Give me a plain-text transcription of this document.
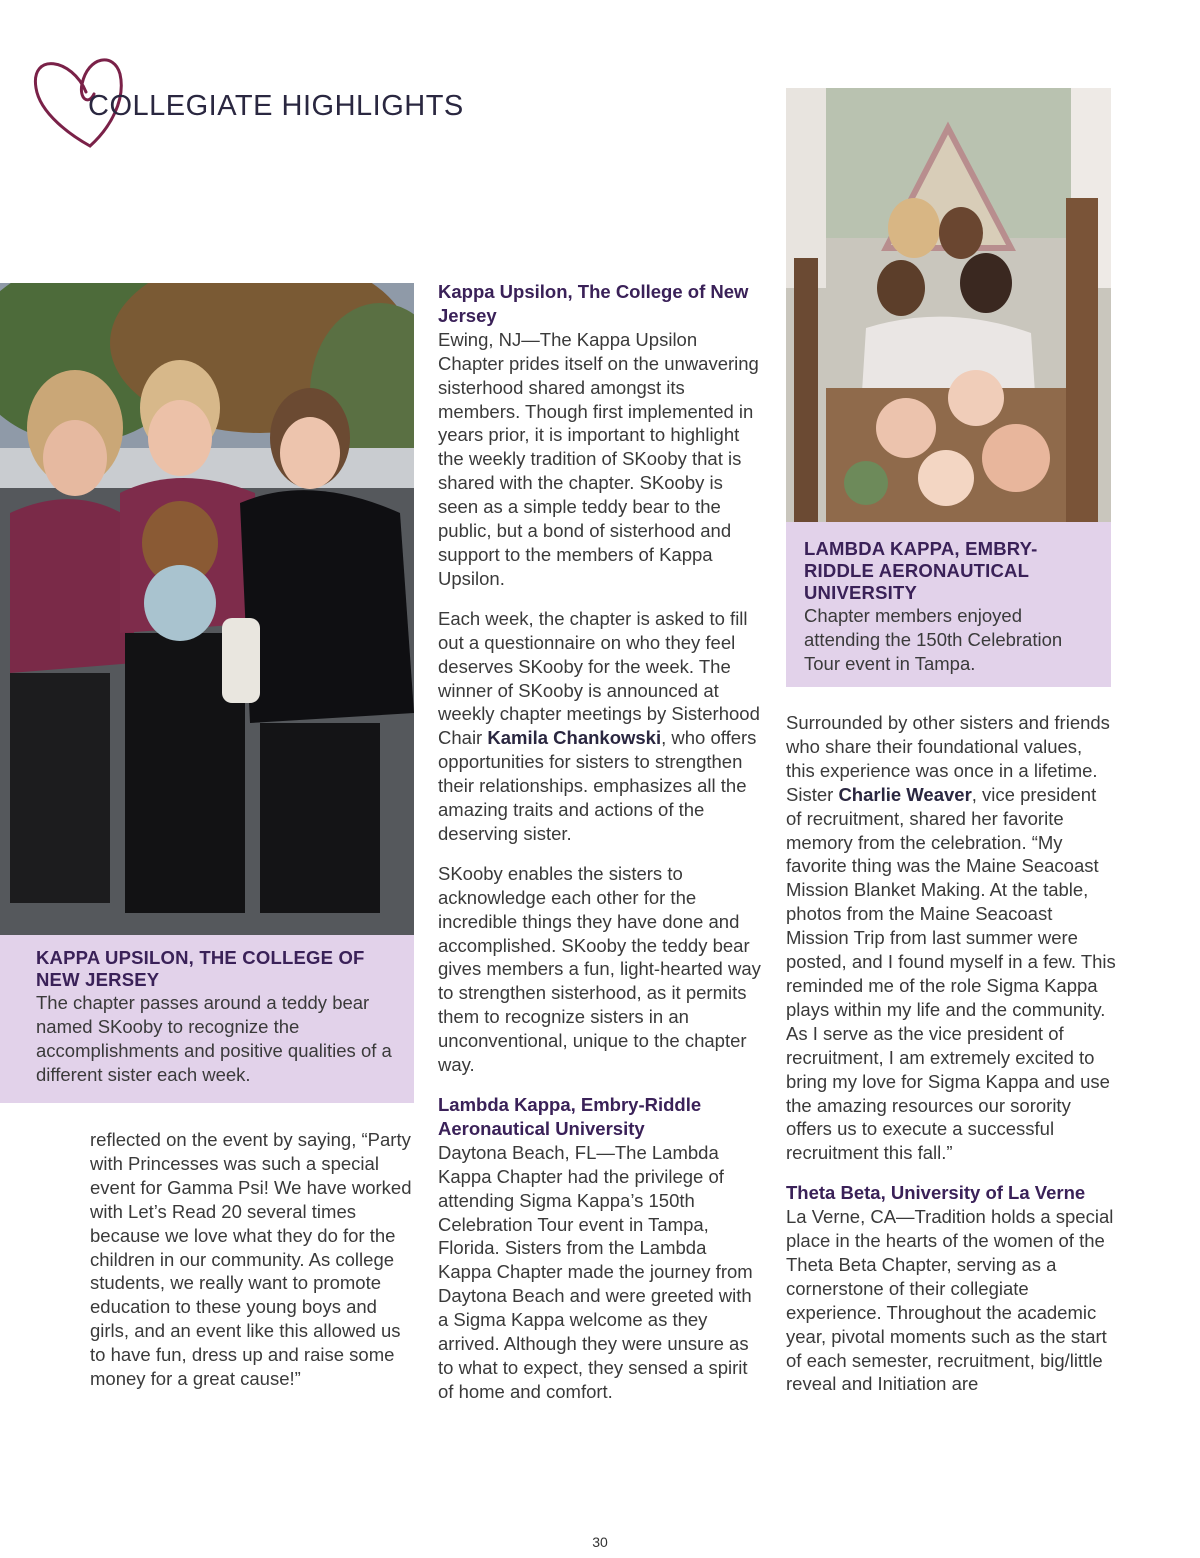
COLLEGIATE HIGHLIGHTS
KAPPA UPSILON, THE COLLEGE OF NEW JERSEY
The chapter passes around a teddy bear named SKooby to recognize the accomplishments and positive qualities of a different sister each week.

reflected on the event by saying, “Party with Princesses was such a special event for Gamma Psi! We have worked with Let’s Read 20 several times because we love what they do for the children in our community. As college students, we really want to promote education to these young boys and girls, and an event like this allowed us to have fun, dress up and raise some money for a great cause!”

Kappa Upsilon, The College of New Jersey
Ewing, NJ—The Kappa Upsilon Chapter prides itself on the unwavering sisterhood shared amongst its members. Though first implemented in years prior, it is important to highlight the weekly tradition of SKooby that is shared with the chapter. SKooby is seen as a simple teddy bear to the public, but a bond of sisterhood and support to the members of Kappa Upsilon.

Each week, the chapter is asked to fill out a questionnaire on who they feel deserves SKooby for the week. The winner of SKooby is announced at weekly chapter meetings by Sisterhood Chair Kamila Chankowski, who offers opportunities for sisters to strengthen their relationships. emphasizes all the amazing traits and actions of the deserving sister.

SKooby enables the sisters to acknowledge each other for the incredible things they have done and accomplished. SKooby the teddy bear gives members a fun, light-hearted way to strengthen sisterhood, as it permits them to recognize sisters in an unconventional, unique to the chapter way.

Lambda Kappa, Embry-Riddle Aeronautical University
Daytona Beach, FL—The Lambda Kappa Chapter had the privilege of attending Sigma Kappa’s 150th Celebration Tour event in Tampa, Florida. Sisters from the Lambda Kappa Chapter made the journey from Daytona Beach and were greeted with a Sigma Kappa welcome as they arrived. Although they were unsure as to what to expect, they sensed a spirit of home and comfort.

LAMBDA KAPPA, EMBRY-RIDDLE AERONAUTICAL UNIVERSITY
Chapter members enjoyed attending the 150th Celebration Tour event in Tampa.

Surrounded by other sisters and friends who share their foundational values, this experience was once in a lifetime. Sister Charlie Weaver, vice president of recruitment, shared her favorite memory from the celebration. “My favorite thing was the Maine Seacoast Mission Blanket Making. At the table, photos from the Maine Seacoast Mission Trip from last summer were posted, and I found myself in a few. This reminded me of the role Sigma Kappa plays within my life and the community. As I serve as the vice president of recruitment, I am extremely excited to bring my love for Sigma Kappa and use the amazing resources our sorority offers us to execute a successful recruitment this fall.”

Theta Beta, University of La Verne
La Verne, CA—Tradition holds a special place in the hearts of the women of the Theta Beta Chapter, serving as a cornerstone of their collegiate experience. Throughout the academic year, pivotal moments such as the start of each semester, recruitment, big/little reveal and Initiation are

30
